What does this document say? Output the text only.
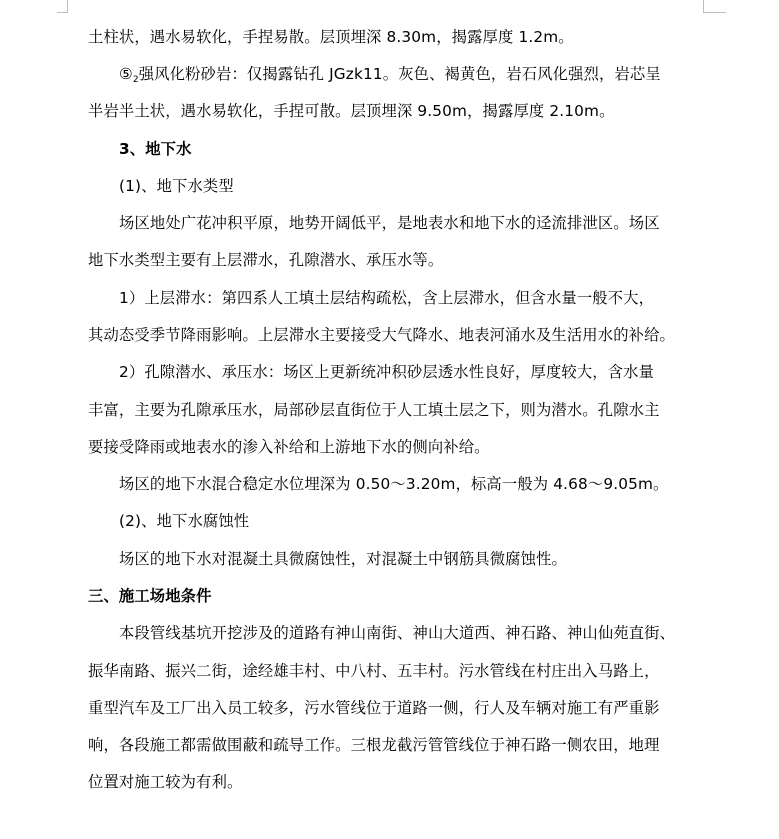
土柱状，遇水易软化，手捏易散。层顶埋深 8.30m，揭露厚度 1.2m。
$⑤_2$强风化粉砂岩：仅揭露钻孔 JGzk11。灰色、褐黄色，岩石风化强烈，岩芯呈
半岩半土状，遇水易软化，手捏可散。层顶埋深 9.50m，揭露厚度 2.10m。
3、地下水
(1)、地下水类型
场区地处广花冲积平原，地势开阔低平，是地表水和地下水的迳流排泄区。场区
地下水类型主要有上层滞水，孔隙潜水、承压水等。
1）上层滞水：第四系人工填土层结构疏松，含上层滞水，但含水量一般不大，
其动态受季节降雨影响。上层滞水主要接受大气降水、地表河涌水及生活用水的补给。
2）孔隙潜水、承压水：场区上更新统冲积砂层透水性良好，厚度较大，含水量
丰富，主要为孔隙承压水，局部砂层直街位于人工填土层之下，则为潜水。孔隙水主
要接受降雨或地表水的渗入补给和上游地下水的侧向补给。
场区的地下水混合稳定水位埋深为 0.50～3.20m，标高一般为 4.68～9.05m。
(2)、地下水腐蚀性
场区的地下水对混凝土具微腐蚀性，对混凝土中钢筋具微腐蚀性。
三、施工场地条件
本段管线基坑开挖涉及的道路有神山南街、神山大道西、神石路、神山仙苑直街、
振华南路、振兴二街，途经雄丰村、中八村、五丰村。污水管线在村庄出入马路上，
重型汽车及工厂出入员工较多，污水管线位于道路一侧，行人及车辆对施工有严重影
响，各段施工都需做围蔽和疏导工作。三根龙截污管管线位于神石路一侧农田，地理
位置对施工较为有利。
